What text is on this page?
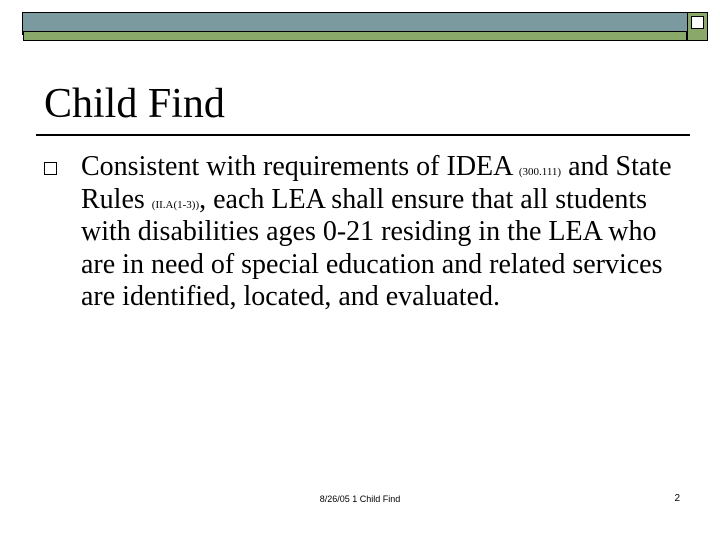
Child Find

Consistent with requirements of IDEA (300.111) and State Rules (II.A(1-3)), each LEA shall ensure that all students with disabilities ages 0-21 residing in the LEA who are in need of special education and related services are identified, located, and evaluated.

8/26/05 1 Child Find	2
